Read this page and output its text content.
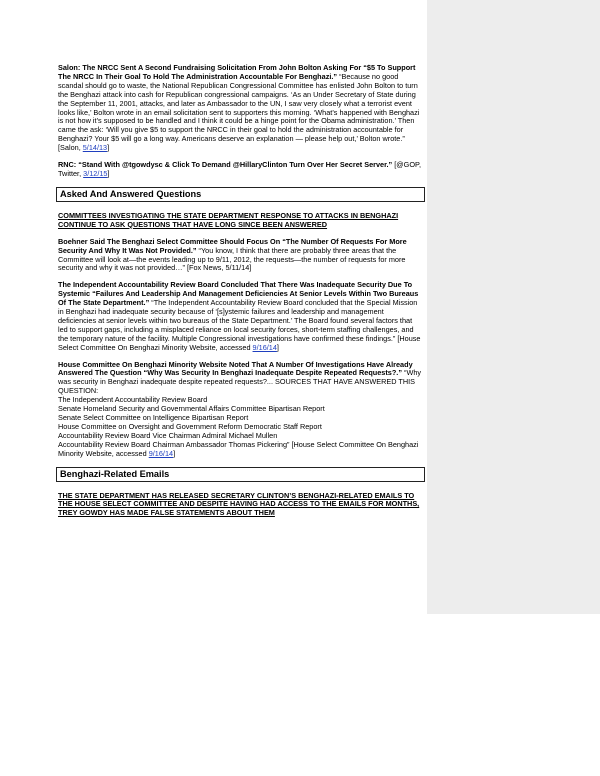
Salon: The NRCC Sent A Second Fundraising Solicitation From John Bolton Asking For “$5 To Support The NRCC In Their Goal To Hold The Administration Accountable For Benghazi.” “Because no good scandal should go to waste, the National Republican Congressional Committee has enlisted John Bolton to turn the Benghazi attack into cash for Republican congressional campaigns. ‘As an Under Secretary of State during the September 11, 2001, attacks, and later as Ambassador to the UN, I saw very closely what a terrorist event looks like,’ Bolton wrote in an email solicitation sent to supporters this morning. ‘What’s happened with Benghazi is not how it’s supposed to be handled and I think it could be a hinge point for the Obama administration.’ Then came the ask: ‘Will you give $5 to support the NRCC in their goal to hold the administration accountable for Benghazi? Your $5 will go a long way. Americans deserve an explanation — please help out,’ Bolton wrote.” [Salon, 5/14/13]

RNC: “Stand With @tgowdysc & Click To Demand @HillaryClinton Turn Over Her Secret Server.” [@GOP, Twitter, 3/12/15]

Asked And Answered Questions

COMMITTEES INVESTIGATING THE STATE DEPARTMENT RESPONSE TO ATTACKS IN BENGHAZI CONTINUE TO ASK QUESTIONS THAT HAVE LONG SINCE BEEN ANSWERED

Boehner Said The Benghazi Select Committee Should Focus On “The Number Of Requests For More Security And Why It Was Not Provided.” “You know, I think that there are probably three areas that the Committee will look at—the events leading up to 9/11, 2012, the requests—the number of requests for more security and why it was not provided…” [Fox News, 5/11/14]

The Independent Accountability Review Board Concluded That There Was Inadequate Security Due To Systemic “Failures And Leadership And Management Deficiencies At Senior Levels Within Two Bureaus Of The State Department.” “The Independent Accountability Review Board concluded that the Special Mission in Benghazi had inadequate security because of ‘[s]ystemic failures and leadership and management deficiencies at senior levels within two bureaus of the State Department.’ The Board found several factors that led to support gaps, including a misplaced reliance on local security forces, short-term staffing challenges, and the temporary nature of the facility. Multiple Congressional investigations have confirmed these findings.” [House Select Committee On Benghazi Minority Website, accessed 9/16/14]

House Committee On Benghazi Minority Website Noted That A Number Of Investigations Have Already Answered The Question “Why Was Security In Benghazi Inadequate Despite Repeated Requests?.” “Why was security in Benghazi inadequate despite repeated requests?... SOURCES THAT HAVE ANSWERED THIS QUESTION:
The Independent Accountability Review Board
Senate Homeland Security and Governmental Affairs Committee Bipartisan Report
Senate Select Committee on Intelligence Bipartisan Report
House Committee on Oversight and Government Reform Democratic Staff Report
Accountability Review Board Vice Chairman Admiral Michael Mullen
Accountability Review Board Chairman Ambassador Thomas Pickering” [House Select Committee On Benghazi Minority Website, accessed 9/16/14]

Benghazi-Related Emails

THE STATE DEPARTMENT HAS RELEASED SECRETARY CLINTON’S BENGHAZI-RELATED EMAILS TO THE HOUSE SELECT COMMITTEE AND DESPITE HAVING HAD ACCESS TO THE EMAILS FOR MONTHS, TREY GOWDY HAS MADE FALSE STATEMENTS ABOUT THEM
